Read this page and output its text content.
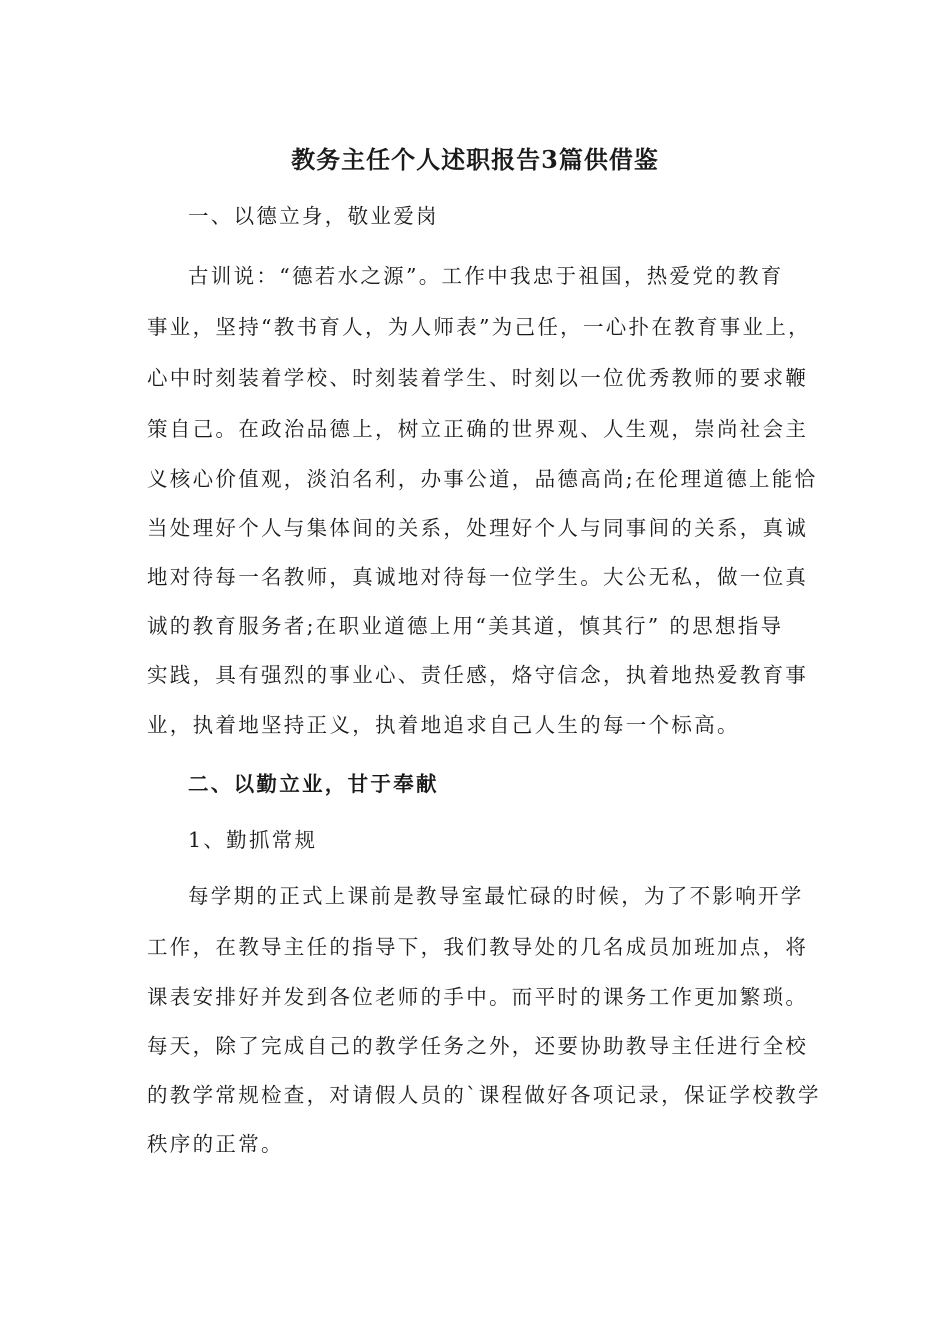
教务主任个人述职报告3篇供借鉴

一、以德立身，敬业爱岗

古训说：“德若水之源”。工作中我忠于祖国，热爱党的教育

事业，坚持“教书育人，为人师表”为己任，一心扑在教育事业上，

心中时刻装着学校、时刻装着学生、时刻以一位优秀教师的要求鞭

策自己。在政治品德上，树立正确的世界观、人生观，崇尚社会主

义核心价值观，淡泊名利，办事公道，品德高尚;在伦理道德上能恰

当处理好个人与集体间的关系，处理好个人与同事间的关系，真诚

地对待每一名教师，真诚地对待每一位学生。大公无私，做一位真

诚的教育服务者;在职业道德上用“美其道，慎其行” 的思想指导

实践，具有强烈的事业心、责任感，烙守信念，执着地热爱教育事

业，执着地坚持正义，执着地追求自己人生的每一个标高。

二、以勤立业，甘于奉献

1、勤抓常规

每学期的正式上课前是教导室最忙碌的时候，为了不影响开学

工作，在教导主任的指导下，我们教导处的几名成员加班加点，将

课表安排好并发到各位老师的手中。而平时的课务工作更加繁琐。

每天，除了完成自己的教学任务之外，还要协助教导主任进行全校

的教学常规检查，对请假人员的`课程做好各项记录，保证学校教学

秩序的正常。
